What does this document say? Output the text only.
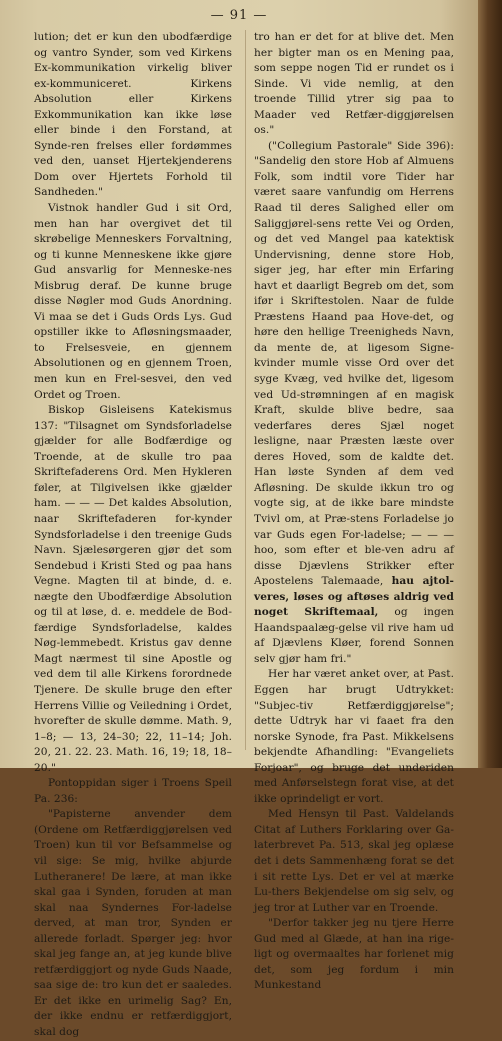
— 91 —

lution; det er kun den ubodfærdige og vantro Synder, som ved Kirkens Ex-kommunikation virkelig bliver ex-kommuniceret. Kirkens Absolution eller Kirkens Exkommunikation kan ikke løse eller binde i den Forstand, at Synde-ren frelses eller fordømmes ved den, uanset Hjertekjenderens Dom over Hjertets Forhold til Sandheden."

Vistnok handler Gud i sit Ord, men han har overgivet det til skrøbelige Menneskers Forvaltning, og ti kunne Menneskene ikke gjøre Gud ansvarlig for Menneske-nes Misbrug deraf. De kunne bruge disse Nøgler mod Guds Anordning. Vi maa se det i Guds Ords Lys. Gud opstiller ikke to Afløsningsmaader, to Frelsesveie, en gjennem Absolutionen og en gjennem Troen, men kun en Frel-sesvei, den ved Ordet og Troen.

Biskop Gisleisens Katekismus 137: "Tilsagnet om Syndsforladelse gjælder for alle Bodfærdige og Troende, at de skulle tro paa Skriftefaderens Ord. Men Hykleren føler, at Tilgivelsen ikke gjælder ham. — — — Det kaldes Absolution, naar Skriftefaderen for-kynder Syndsforladelse i den treenige Guds Navn. Sjælesørgeren gjør det som Sendebud i Kristi Sted og paa hans Vegne. Magten til at binde, d. e. nægte den Ubodfærdige Absolution og til at løse, d. e. meddele de Bod-færdige Syndsforladelse, kaldes Nøg-lemmebedt. Kristus gav denne Magt nærmest til sine Apostle og ved dem til alle Kirkens forordnede Tjenere. De skulle bruge den efter Herrens Villie og Veiledning i Ordet, hvorefter de skulle dømme. Math. 9, 1–8; — 13, 24–30; 22, 11–14; Joh. 20, 21. 22. 23. Math. 16, 19; 18, 18–20."

Pontoppidan siger i Troens Speil Pa. 236:

"Papisterne anvender dem (Ordene om Retfærdiggjørelsen ved Troen) kun til vor Befsammelse og vil sige: Se mig, hvilke abjurde Lutheranere! De lære, at man ikke skal gaa i Synden, foruden at man skal naa Syndernes For-ladelse derved, at man tror, Synden er allerede forladt. Spørger jeg: hvor skal jeg fange an, at jeg kunde blive retfærdiggjort og nyde Guds Naade, saa sige de: tro kun det er saaledes. Er det ikke en urimelig Sag? En, der ikke endnu er retfærdiggjort, skal dog

tro han er det for at blive det. Men her bigter man os en Mening paa, som seppe nogen Tid er rundet os i Sinde. Vi vide nemlig, at den troende Tillid ytrer sig paa to Maader ved Retfær-diggjørelsen os."

("Collegium Pastorale" Side 396): "Sandelig den store Hob af Almuens Folk, som indtil vore Tider har været saare vanfundig om Herrens Raad til deres Salighed eller om Saliggjørel-sens rette Vei og Orden, og det ved Mangel paa katektisk Undervisning, denne store Hob, siger jeg, har efter min Erfaring havt et daarligt Begreb om det, som ifør i Skriftestolen. Naar de fulde Præstens Haand paa Hove-det, og høre den hellige Treenigheds Navn, da mente de, at ligesom Signe-kvinder mumle visse Ord over det syge Kvæg, ved hvilke det, ligesom ved Ud-strømningen af en magisk Kraft, skulde blive bedre, saa vederfares deres Sjæl noget lesligne, naar Præsten læste over deres Hoved, som de kaldte det. Han løste Synden af dem ved Afløsning. De skulde ikkun tro og vogte sig, at de ikke bare mindste Tvivl om, at Præ-stens Forladelse jo var Guds egen For-ladelse; — — — hoo, som efter et ble-ven adru af disse Djævlens Strikker efter Apostelens Talemaade, hau ajtol-veres, løses og aftøses aldrig ved noget Skriftemaal, og ingen Haandspaalæg-gelse vil rive ham ud af Djævlens Kløer, forend Sonnen selv gjør ham fri."

Her har været anket over, at Past. Eggen har brugt Udtrykket: "Subjec-tiv Retfærdiggjørelse"; dette Udtryk har vi faaet fra den norske Synode, fra Past. Mikkelsens bekjendte Afhandling: "Evangeliets Forjoar", og bruge det underiden med Anførselstegn forat vise, at det ikke oprindeligt er vort.

Med Hensyn til Past. Valdelands Citat af Luthers Forklaring over Ga-laterbrevet Pa. 513, skal jeg oplæse det i dets Sammenhæng forat se det i sit rette Lys. Det er vel at mærke Lu-thers Bekjendelse om sig selv, og jeg tror at Luther var en Troende.

"Derfor takker jeg nu tjere Herre Gud med al Glæde, at han ina rige-ligt og overmaaltes har forlenet mig det, som jeg fordum i min Munkestand
